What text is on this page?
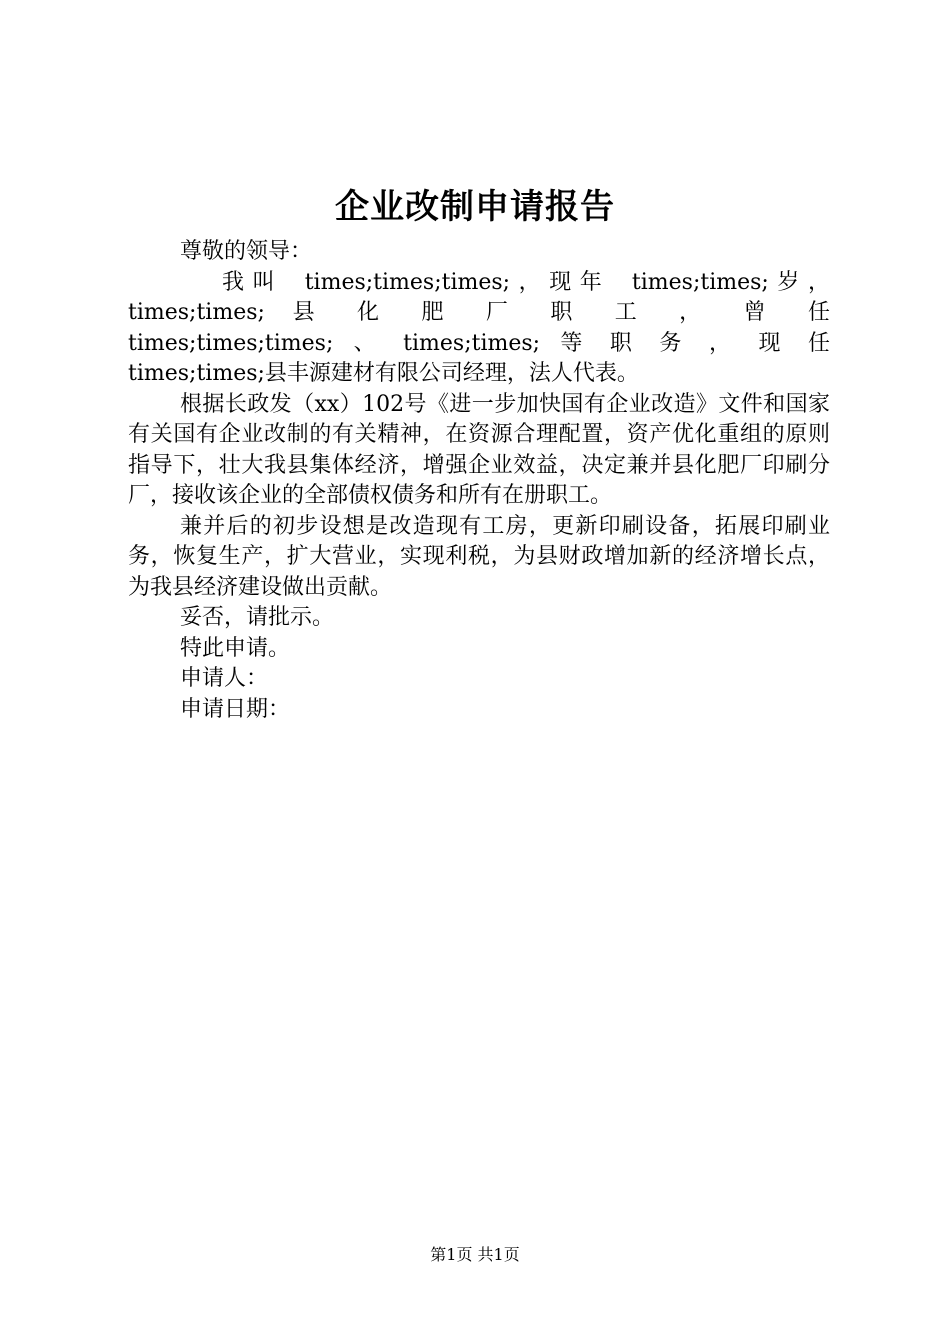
企业改制申请报告

尊敬的领导：

我叫 times;times;times;，现年 times;times;岁，

times;times; 县 化 肥 厂 职 工 ， 曾 任

times;times;times; 、 times;times; 等 职 务 ， 现 任

times;times;县丰源建材有限公司经理，法人代表。

根据长政发（xx）102号《进一步加快国有企业改造》文件和国家有关国有企业改制的有关精神，在资源合理配置，资产优化重组的原则指导下，壮大我县集体经济，增强企业效益，决定兼并县化肥厂印刷分厂，接收该企业的全部债权债务和所有在册职工。

兼并后的初步设想是改造现有工房，更新印刷设备，拓展印刷业务，恢复生产，扩大营业，实现利税，为县财政增加新的经济增长点，为我县经济建设做出贡献。

妥否，请批示。

特此申请。

申请人：

申请日期：

第1页 共1页
